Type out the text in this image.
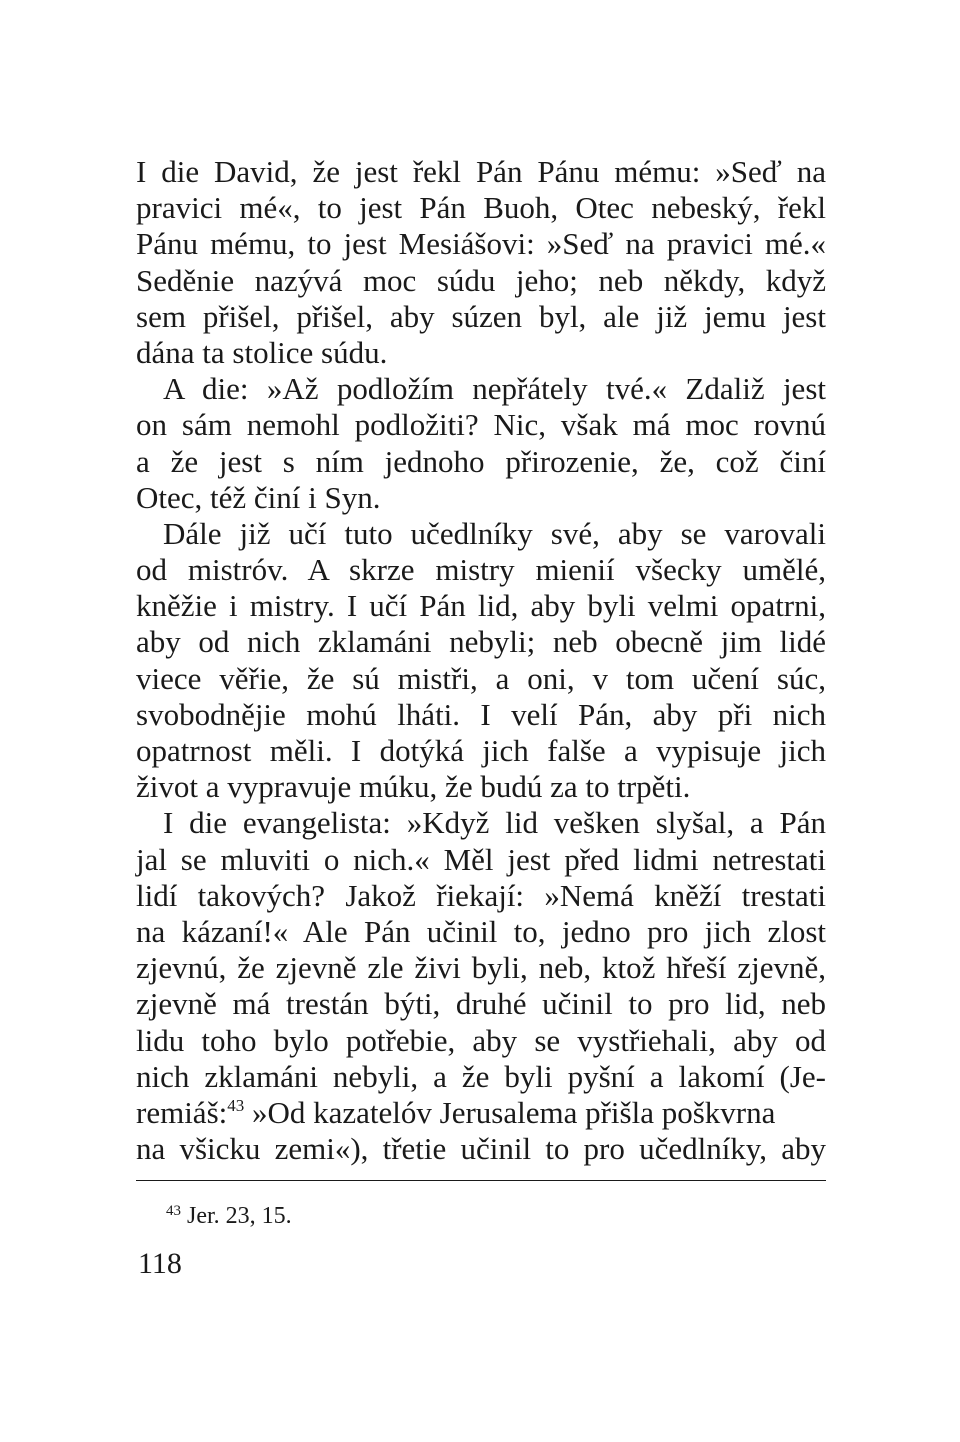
I die David, že jest řekl Pán Pánu mému: »Seď na
pravici mé«, to jest Pán Buoh, Otec nebeský, řekl
Pánu mému, to jest Mesiášovi: »Seď na pravici mé.«
Seděnie nazývá moc súdu jeho; neb někdy, když
sem přišel, přišel, aby súzen byl, ale již jemu jest
dána ta stolice súdu.
A die: »Až podložím nepřátely tvé.« Zdaliž jest
on sám nemohl podložiti? Nic, však má moc rovnú
a že jest s ním jednoho přirozenie, že, což činí
Otec, též činí i Syn.
Dále již učí tuto učedlníky své, aby se varovali
od mistróv. A skrze mistry mienií všecky umělé,
kněžie i mistry. I učí Pán lid, aby byli velmi opatrni,
aby od nich zklamáni nebyli; neb obecně jim lidé
viece věřie, že sú mistři, a oni, v tom učení súc,
svobodnějie mohú lháti. I velí Pán, aby při nich
opatrnost měli. I dotýká jich falše a vypisuje jich
život a vypravuje múku, že budú za to trpěti.
I die evangelista: »Když lid vešken slyšal, a Pán
jal se mluviti o nich.« Měl jest před lidmi netrestati
lidí takových? Jakož řiekají: »Nemá kněží trestati
na kázaní!« Ale Pán učinil to, jedno pro jich zlost
zjevnú, že zjevně zle živi byli, neb, ktož hřeší zjevně,
zjevně má trestán býti, druhé učinil to pro lid, neb
lidu toho bylo potřebie, aby se vystřiehali, aby od
nich zklamáni nebyli, a že byli pyšní a lakomí (Je-
remiáš:$^{43}$ »Od kazatelóv Jerusalema přišla poškvrna
na všicku zemi«), třetie učinil to pro učedlníky, aby
$^{43}$ Jer. 23, 15.
118
